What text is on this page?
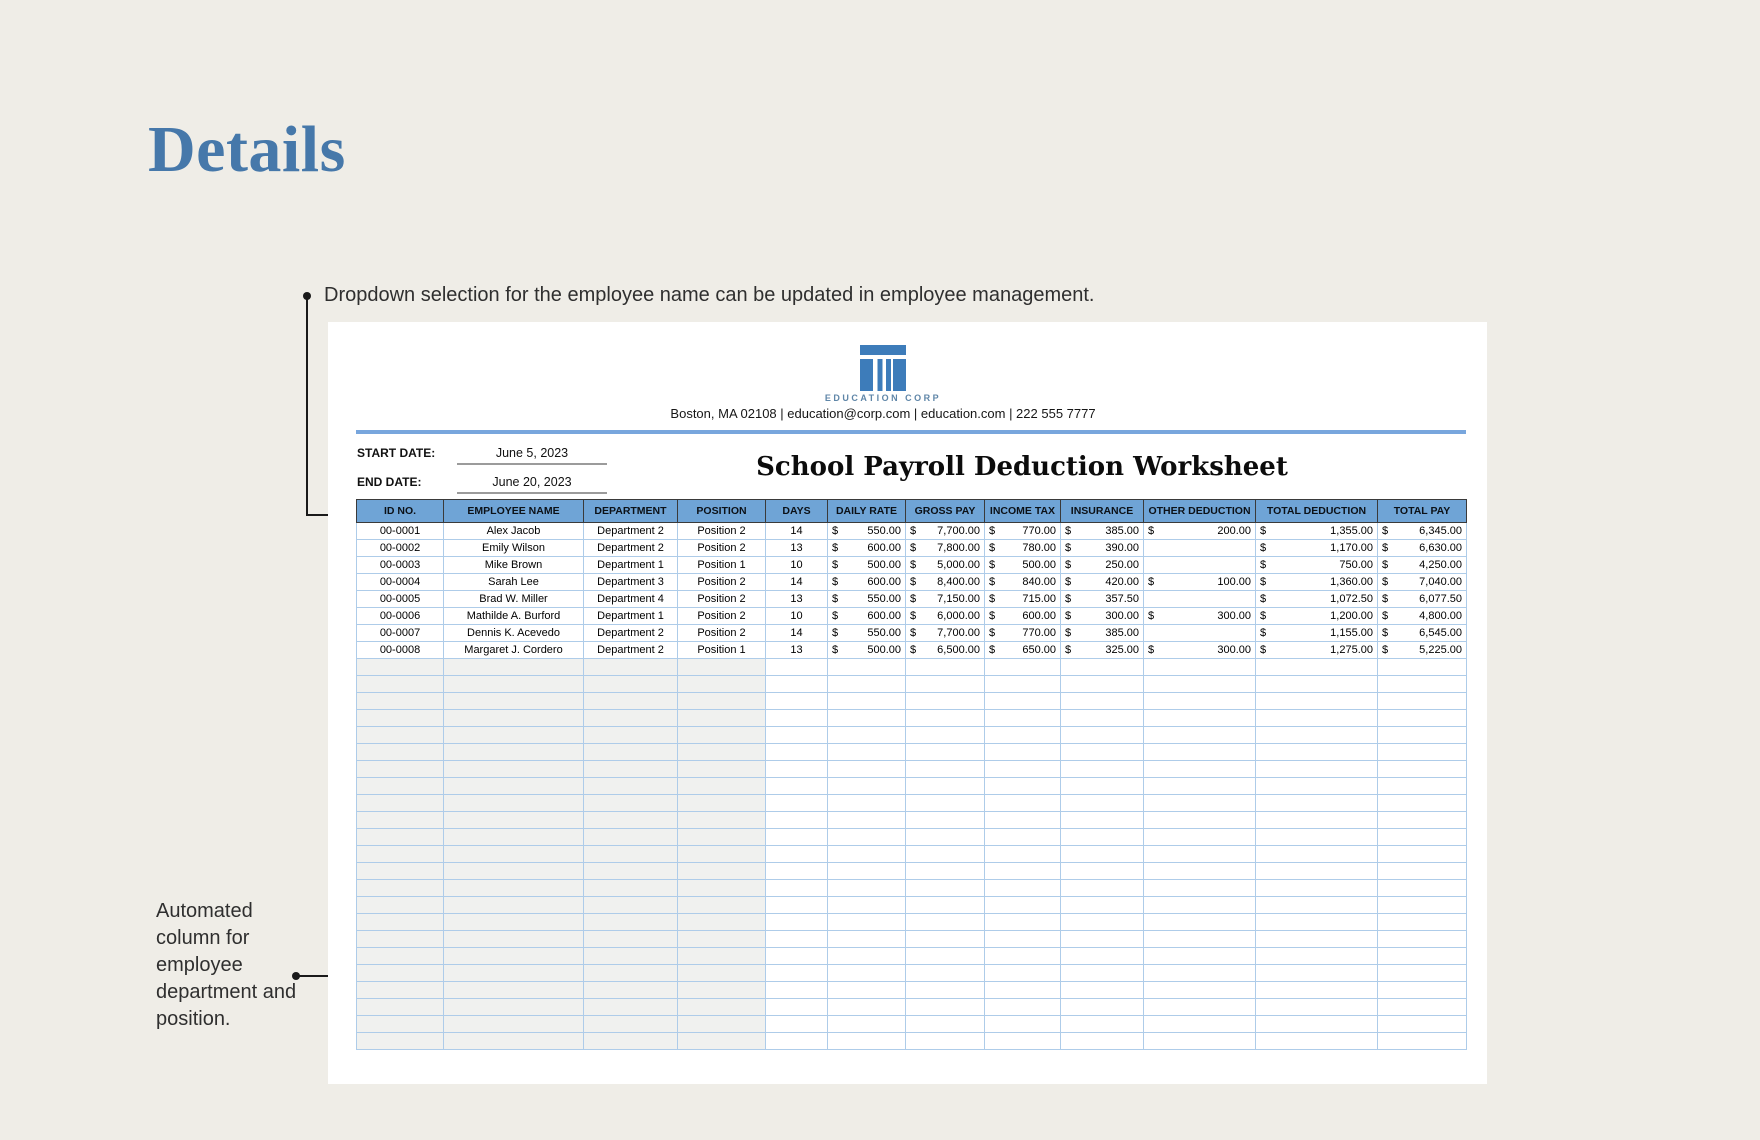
Details

Dropdown selection for the employee name can be updated in employee management.

Automated column for employee department and position.

EDUCATION CORP
Boston, MA 02108 | education@corp.com | education.com | 222 555 7777
START DATE:	June 5, 2023
END DATE:	June 20, 2023	School Payroll Deduction Worksheet
ID NO.	EMPLOYEE NAME	DEPARTMENT	POSITION	DAYS	DAILY RATE	GROSS PAY	INCOME TAX	INSURANCE	OTHER DEDUCTION	TOTAL DEDUCTION	TOTAL PAY
00-0001	Alex Jacob	Department 2	Position 2	14	$ 550.00	$ 7,700.00	$ 770.00	$ 385.00	$ 200.00	$ 1,355.00	$ 6,345.00
00-0002	Emily Wilson	Department 2	Position 2	13	$ 600.00	$ 7,800.00	$ 780.00	$ 390.00		$ 1,170.00	$ 6,630.00
00-0003	Mike Brown	Department 1	Position 1	10	$ 500.00	$ 5,000.00	$ 500.00	$ 250.00		$ 750.00	$ 4,250.00
00-0004	Sarah Lee	Department 3	Position 2	14	$ 600.00	$ 8,400.00	$ 840.00	$ 420.00	$ 100.00	$ 1,360.00	$ 7,040.00
00-0005	Brad W. Miller	Department 4	Position 2	13	$ 550.00	$ 7,150.00	$ 715.00	$ 357.50		$ 1,072.50	$ 6,077.50
00-0006	Mathilde A. Burford	Department 1	Position 2	10	$ 600.00	$ 6,000.00	$ 600.00	$ 300.00	$ 300.00	$ 1,200.00	$ 4,800.00
00-0007	Dennis K. Acevedo	Department 2	Position 2	14	$ 550.00	$ 7,700.00	$ 770.00	$ 385.00		$ 1,155.00	$ 6,545.00
00-0008	Margaret J. Cordero	Department 2	Position 1	13	$ 500.00	$ 6,500.00	$ 650.00	$ 325.00	$ 300.00	$ 1,275.00	$ 5,225.00
